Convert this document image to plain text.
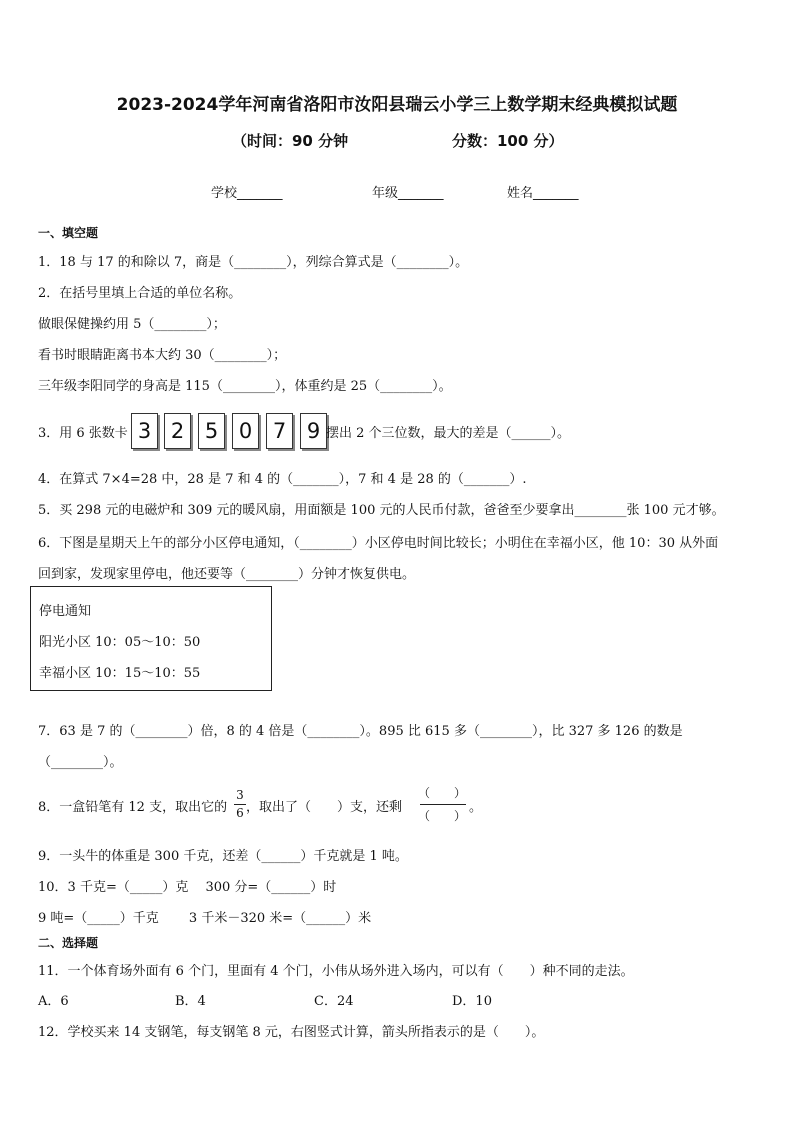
2023-2024学年河南省洛阳市汝阳县瑞云小学三上数学期末经典模拟试题
（时间：90 分钟	分数：100 分）
学校_______	年级_______	姓名_______
一、填空题
1．18 与 17 的和除以 7，商是（________），列综合算式是（________）。
2．在括号里填上合适的单位名称。
做眼保健操约用 5（________）；
看书时眼睛距离书本大约 30（________）；
三年级李阳同学的身高是 115（________），体重约是 25（________）。
3．用 6 张数卡 3 2 5 0 7 9 摆出 2 个三位数，最大的差是（______）。
4．在算式 7×4=28 中，28 是 7 和 4 的（_______），7 和 4 是 28 的（_______）.
5．买 298 元的电磁炉和 309 元的暖风扇，用面额是 100 元的人民币付款，爸爸至少要拿出________张 100 元才够。
6．下图是星期天上午的部分小区停电通知，（________）小区停电时间比较长；小明住在幸福小区，他 10：30 从外面
回到家，发现家里停电，他还要等（________）分钟才恢复供电。
停电通知
阳光小区 10：05～10：50
幸福小区 10：15～10：55
7．63 是 7 的（________）倍，8 的 4 倍是（________）。895 比 615 多（________），比 327 多 126 的数是
（________）。
8．一盒铅笔有 12 支，取出它的
3
6 ，取出了（　　）支，还剩
（　　）
（　　）
。
9．一头牛的体重是 300 千克，还差（______）千克就是 1 吨。
10．3 千克=（_____）克　 300 分=（______）时
9 吨=（_____）千克　　 3 千米－320 米=（______）米
二、选择题
11．一个体育场外面有 6 个门，里面有 4 个门，小伟从场外进入场内，可以有（　　）种不同的走法。
A．6	B．4	C．24	D．10
12．学校买来 14 支钢笔，每支钢笔 8 元，右图竖式计算，箭头所指表示的是（　　）。
